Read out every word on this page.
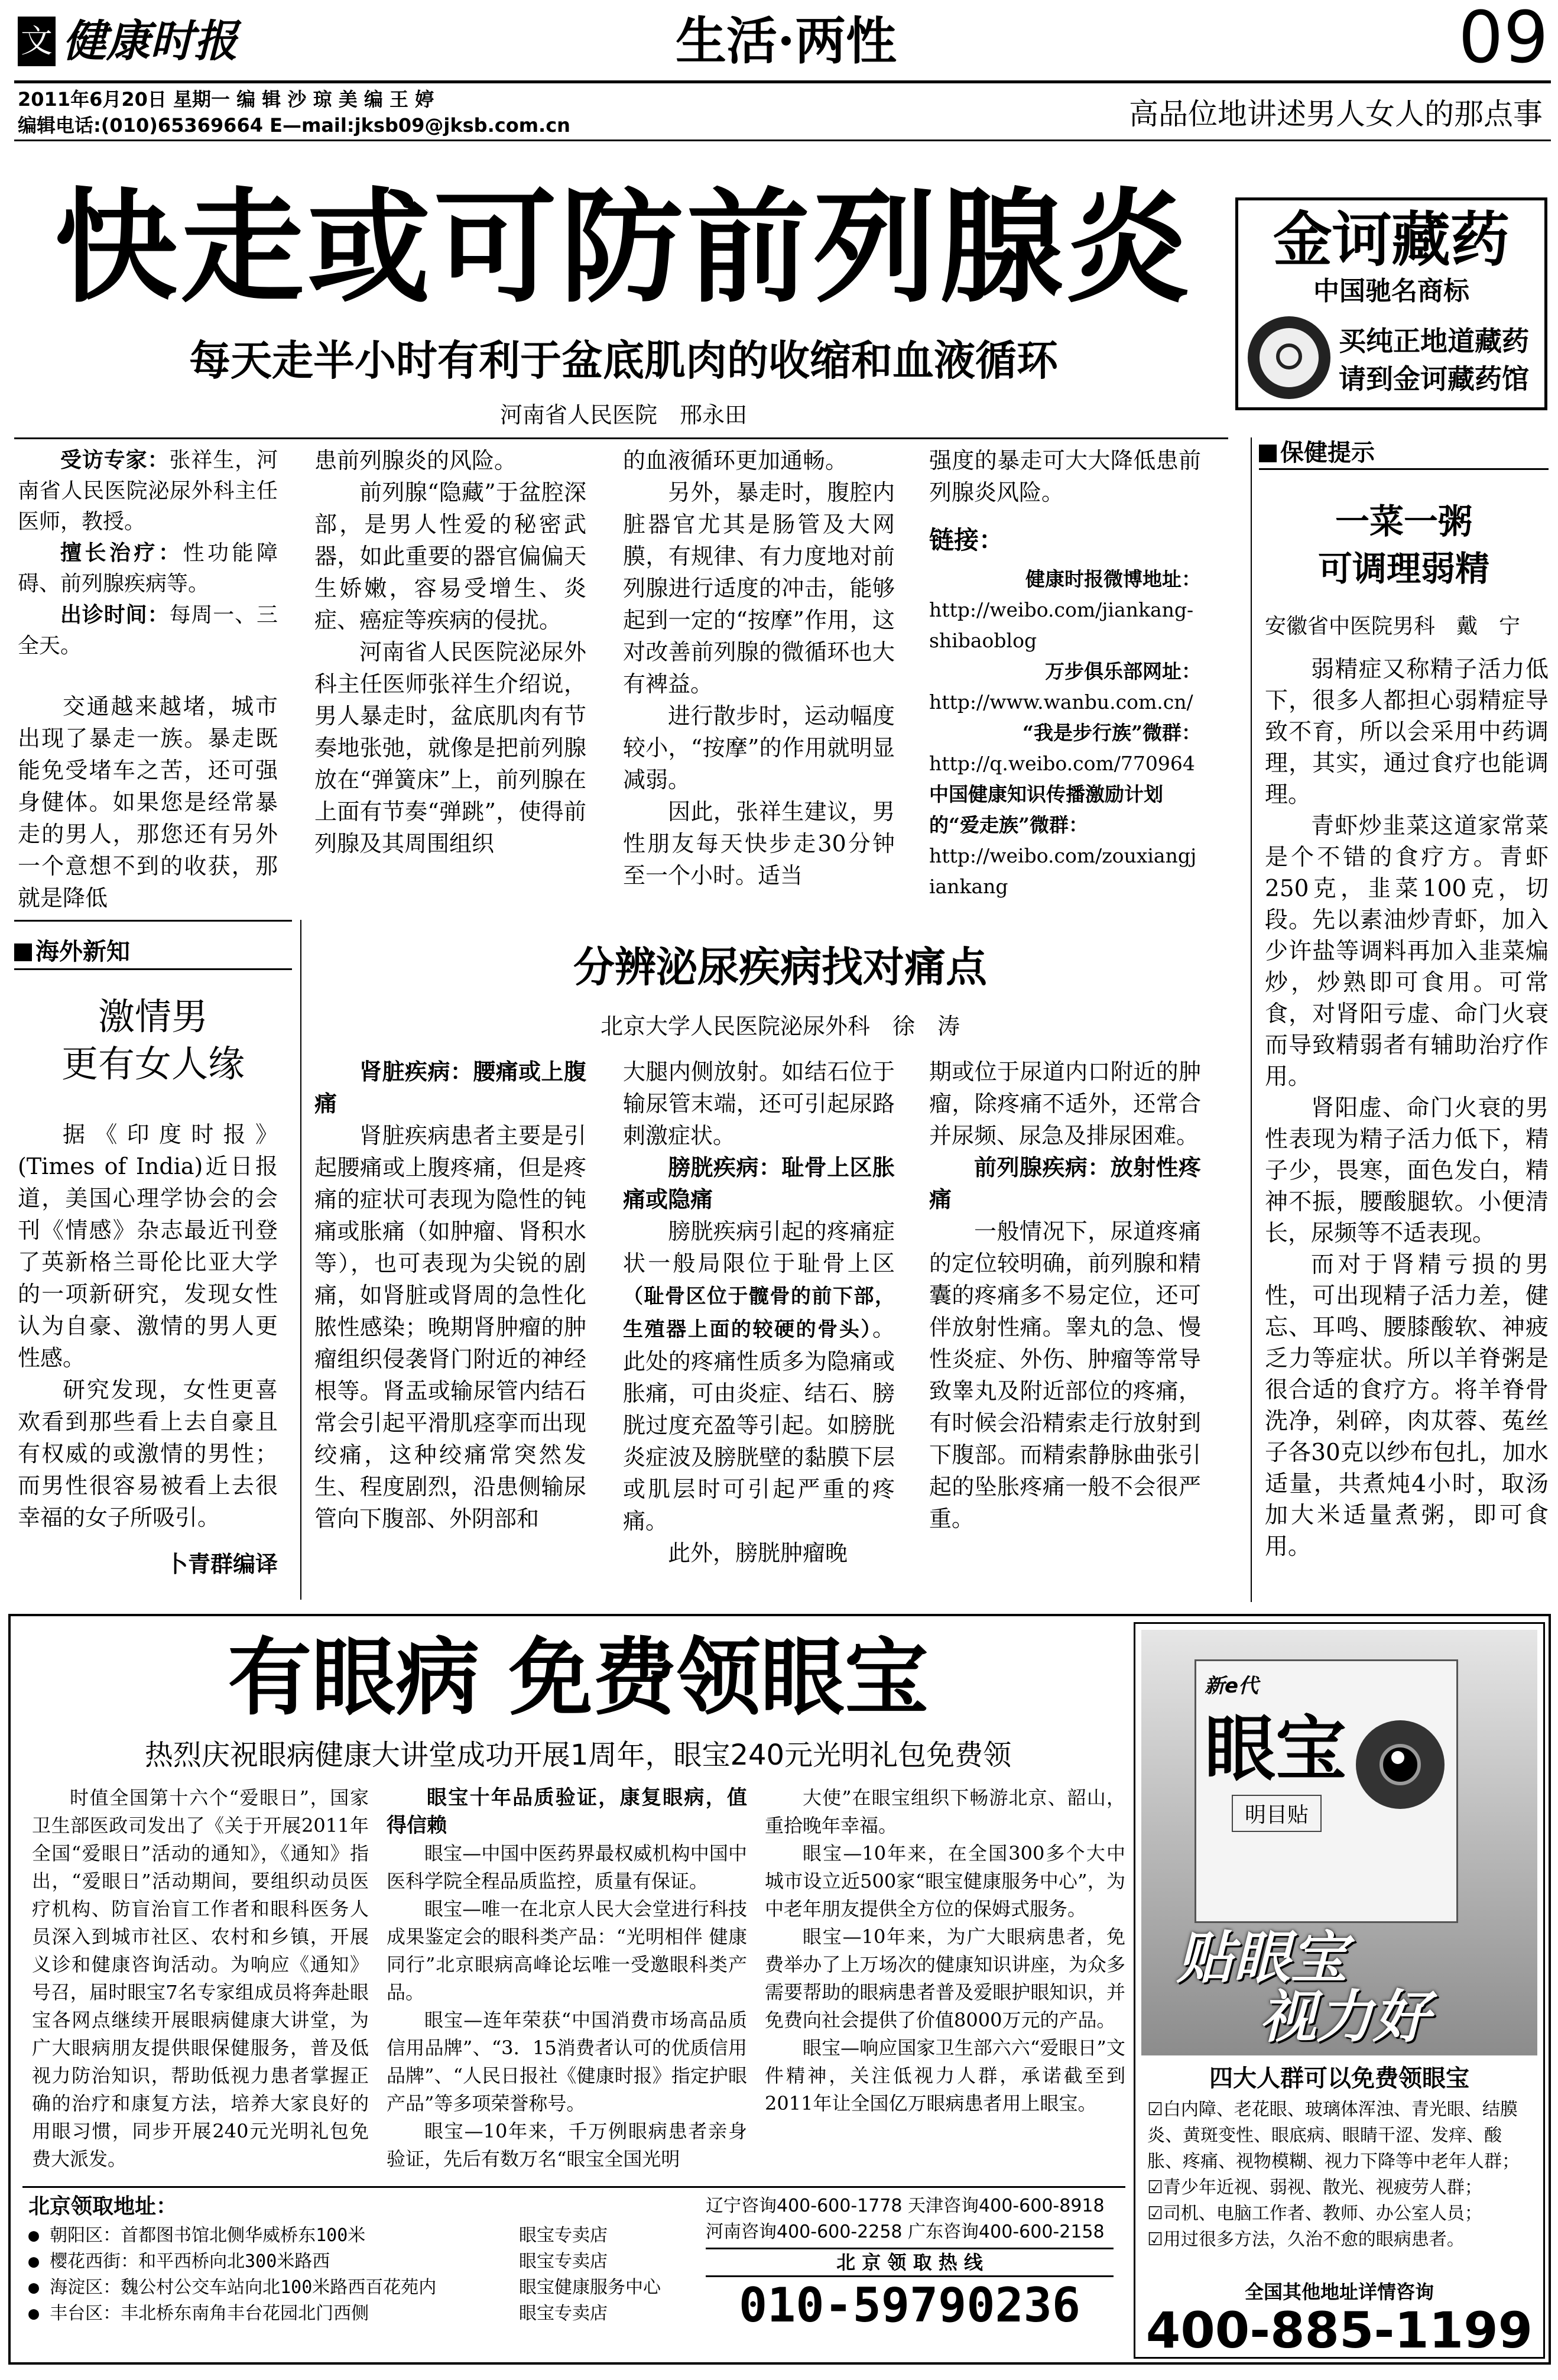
文 健康时报	生活·两性	09
2011年6月20日 星期一 编 辑 沙 琼 美 编 王 婷
编辑电话:(010)65369664 E—mail:jksb09@jksb.com.cn	高品位地讲述男人女人的那点事
快走或可防前列腺炎
每天走半小时有利于盆底肌肉的收缩和血液循环
河南省人民医院　邢永田
金诃藏药
中国驰名商标
买纯正地道藏药
请到金诃藏药馆
保健提示
一菜一粥
可调理弱精
安徽省中医院男科　戴　宁

弱精症又称精子活力低下，很多人都担心弱精症导致不育，所以会采用中药调理，其实，通过食疗也能调理。

青虾炒韭菜这道家常菜是个不错的食疗方。青虾250克，韭菜100克，切段。先以素油炒青虾，加入少许盐等调料再加入韭菜煸炒，炒熟即可食用。可常食，对肾阳亏虚、命门火衰而导致精弱者有辅助治疗作用。

肾阳虚、命门火衰的男性表现为精子活力低下，精子少，畏寒，面色发白，精神不振，腰酸腿软。小便清长，尿频等不适表现。

而对于肾精亏损的男性，可出现精子活力差，健忘、耳鸣、腰膝酸软、神疲乏力等症状。所以羊脊粥是很合适的食疗方。将羊脊骨洗净，剁碎，肉苁蓉、菟丝子各30克以纱布包扎，加水适量，共煮炖4小时，取汤加大米适量煮粥，即可食用。

受访专家：张祥生，河南省人民医院泌尿外科主任医师，教授。

擅长治疗：性功能障碍、前列腺疾病等。

出诊时间：每周一、三全天。

交通越来越堵，城市出现了暴走一族。暴走既能免受堵车之苦，还可强身健体。如果您是经常暴走的男人，那您还有另外一个意想不到的收获，那就是降低

患前列腺炎的风险。

前列腺“隐藏”于盆腔深部，是男人性爱的秘密武器，如此重要的器官偏偏天生娇嫩，容易受增生、炎症、癌症等疾病的侵扰。

河南省人民医院泌尿外科主任医师张祥生介绍说，男人暴走时，盆底肌肉有节奏地张弛，就像是把前列腺放在“弹簧床”上，前列腺在上面有节奏“弹跳”，使得前列腺及其周围组织

的血液循环更加通畅。

另外，暴走时，腹腔内脏器官尤其是肠管及大网膜，有规律、有力度地对前列腺进行适度的冲击，能够起到一定的“按摩”作用，这对改善前列腺的微循环也大有裨益。

进行散步时，运动幅度较小，“按摩”的作用就明显减弱。

因此，张祥生建议，男性朋友每天快步走30分钟至一个小时。适当

强度的暴走可大大降低患前列腺炎风险。

链接：
健康时报微博地址：
http://weibo.com/jiankang-shibaoblog
万步俱乐部网址：
http://www.wanbu.com.cn/
“我是步行族”微群：
http://q.weibo.com/770964
中国健康知识传播激励计划的“爱走族”微群：
http://weibo.com/zouxiangjiankang
海外新知
激情男
更有女人缘

据《印度时报》(Times of India)近日报道，美国心理学协会的会刊《情感》杂志最近刊登了英新格兰哥伦比亚大学的一项新研究，发现女性认为自豪、激情的男人更性感。

研究发现，女性更喜欢看到那些看上去自豪且有权威的或激情的男性；而男性很容易被看上去很幸福的女子所吸引。

卜青群编译
分辨泌尿疾病找对痛点
北京大学人民医院泌尿外科　徐　涛

肾脏疾病：腰痛或上腹痛

肾脏疾病患者主要是引起腰痛或上腹疼痛，但是疼痛的症状可表现为隐性的钝痛或胀痛（如肿瘤、肾积水等），也可表现为尖锐的剧痛，如肾脏或肾周的急性化脓性感染；晚期肾肿瘤的肿瘤组织侵袭肾门附近的神经根等。肾盂或输尿管内结石常会引起平滑肌痉挛而出现绞痛，这种绞痛常突然发生、程度剧烈，沿患侧输尿管向下腹部、外阴部和

大腿内侧放射。如结石位于输尿管末端，还可引起尿路刺激症状。

膀胱疾病：耻骨上区胀痛或隐痛

膀胱疾病引起的疼痛症状一般局限位于耻骨上区（耻骨区位于髋骨的前下部，生殖器上面的较硬的骨头）。此处的疼痛性质多为隐痛或胀痛，可由炎症、结石、膀胱过度充盈等引起。如膀胱炎症波及膀胱壁的黏膜下层或肌层时可引起严重的疼痛。

此外，膀胱肿瘤晚

期或位于尿道内口附近的肿瘤，除疼痛不适外，还常合并尿频、尿急及排尿困难。

前列腺疾病：放射性疼痛

一般情况下，尿道疼痛的定位较明确，前列腺和精囊的疼痛多不易定位，还可伴放射性痛。睾丸的急、慢性炎症、外伤、肿瘤等常导致睾丸及附近部位的疼痛，有时候会沿精索走行放射到下腹部。而精索静脉曲张引起的坠胀疼痛一般不会很严重。

有眼病 免费领眼宝
热烈庆祝眼病健康大讲堂成功开展1周年，眼宝240元光明礼包免费领

时值全国第十六个“爱眼日”，国家卫生部医政司发出了《关于开展2011年全国“爱眼日”活动的通知》，《通知》指出，“爱眼日”活动期间，要组织动员医疗机构、防盲治盲工作者和眼科医务人员深入到城市社区、农村和乡镇，开展义诊和健康咨询活动。为响应《通知》号召，届时眼宝7名专家组成员将奔赴眼宝各网点继续开展眼病健康大讲堂，为广大眼病朋友提供眼保健服务，普及低视力防治知识，帮助低视力患者掌握正确的治疗和康复方法，培养大家良好的用眼习惯，同步开展240元光明礼包免费大派发。

眼宝十年品质验证，康复眼病，值得信赖

眼宝—中国中医药界最权威机构中国中医科学院全程品质监控，质量有保证。

眼宝—唯一在北京人民大会堂进行科技成果鉴定会的眼科类产品：“光明相伴 健康同行”北京眼病高峰论坛唯一受邀眼科类产品。

眼宝—连年荣获“中国消费市场高品质信用品牌”、“3．15消费者认可的优质信用品牌”、“人民日报社《健康时报》指定护眼产品”等多项荣誉称号。

眼宝—10年来，千万例眼病患者亲身验证，先后有数万名“眼宝全国光明

大使”在眼宝组织下畅游北京、韶山，重拾晚年幸福。

眼宝—10年来，在全国300多个大中城市设立近500家“眼宝健康服务中心”，为中老年朋友提供全方位的保姆式服务。

眼宝—10年来，为广大眼病患者，免费举办了上万场次的健康知识讲座，为众多需要帮助的眼病患者普及爱眼护眼知识，并免费向社会提供了价值8000万元的产品。

眼宝—响应国家卫生部六六“爱眼日”文件精神，关注低视力人群，承诺截至到2011年让全国亿万眼病患者用上眼宝。

新e代
眼宝
明目贴
贴眼宝
视力好
四大人群可以免费领眼宝
☑白内障、老花眼、玻璃体浑浊、青光眼、结膜炎、黄斑变性、眼底病、眼睛干涩、发痒、酸胀、疼痛、视物模糊、视力下降等中老年人群；
☑青少年近视、弱视、散光、视疲劳人群；
☑司机、电脑工作者、教师、办公室人员；
☑用过很多方法，久治不愈的眼病患者。
全国其他地址详情咨询
400-885-1199
北京领取地址：
● 朝阳区：首都图书馆北侧华威桥东100米	眼宝专卖店
● 樱花西街：和平西桥向北300米路西	眼宝专卖店
● 海淀区：魏公村公交车站向北100米路西百花苑内	眼宝健康服务中心
● 丰台区：丰北桥东南角丰台花园北门西侧	眼宝专卖店
辽宁咨询400-600-1778 天津咨询400-600-8918
河南咨询400-600-2258 广东咨询400-600-2158
北 京 领 取 热 线
010-59790236
